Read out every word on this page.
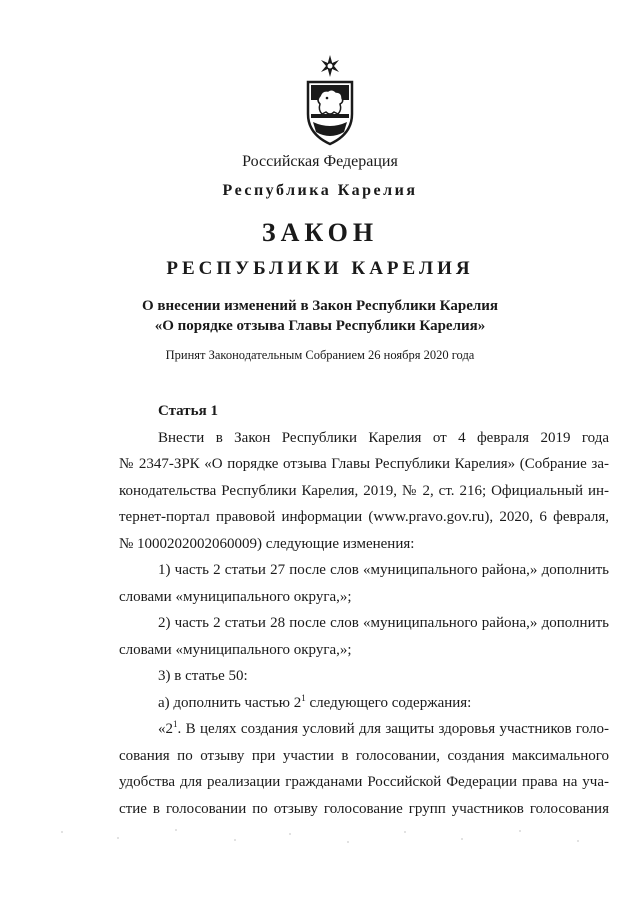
Российская Федерация
Республика Карелия
ЗАКОН
РЕСПУБЛИКИ КАРЕЛИЯ
О внесении изменений в Закон Республики Карелия
«О порядке отзыва Главы Республики Карелия»
Принят Законодательным Собранием 26 ноября 2020 года
Статья 1
Внести в Закон Республики Карелия от 4 февраля 2019 года
№ 2347-ЗРК «О порядке отзыва Главы Республики Карелия» (Собрание за-
конодательства Республики Карелия, 2019, № 2, ст. 216; Официальный ин-
тернет-портал правовой информации (www.pravo.gov.ru), 2020, 6 февраля,
№ 1000202002060009) следующие изменения:
1) часть 2 статьи 27 после слов «муниципального района,» дополнить
словами «муниципального округа,»;
2) часть 2 статьи 28 после слов «муниципального района,» дополнить
словами «муниципального округа,»;
3) в статье 50:
а) дополнить частью $2^1$ следующего содержания:
«$2^1$. В целях создания условий для защиты здоровья участников голо-
сования по отзыву при участии в голосовании, создания максимального
удобства для реализации гражданами Российской Федерации права на уча-
стие в голосовании по отзыву голосование групп участников голосования
